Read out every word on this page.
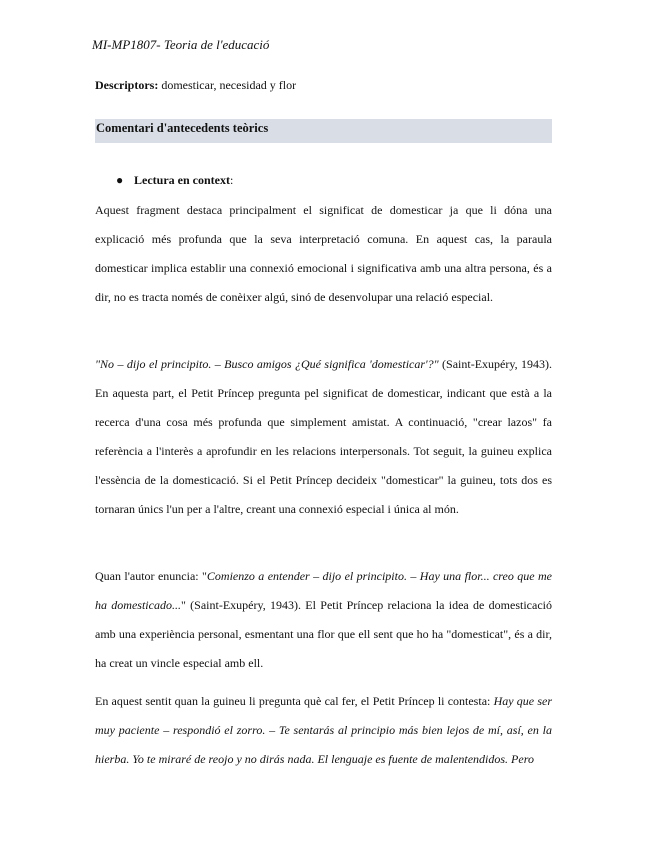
MI-MP1807- Teoria de l'educació
Descriptors: domesticar, necesidad y flor
Comentari d'antecedents teòrics
● Lectura en context:

Aquest fragment destaca principalment el significat de domesticar ja que li dóna una explicació més profunda que la seva interpretació comuna. En aquest cas, la paraula domesticar implica establir una connexió emocional i significativa amb una altra persona, és a dir, no es tracta només de conèixer algú, sinó de desenvolupar una relació especial.

"No – dijo el principito. – Busco amigos ¿Qué significa 'domesticar'?" (Saint-Exupéry, 1943). En aquesta part, el Petit Príncep pregunta pel significat de domesticar, indicant que està a la recerca d'una cosa més profunda que simplement amistat. A continuació, "crear lazos" fa referència a l'interès a aprofundir en les relacions interpersonals. Tot seguit, la guineu explica l'essència de la domesticació. Si el Petit Príncep decideix "domesticar" la guineu, tots dos es tornaran únics l'un per a l'altre, creant una connexió especial i única al món.

Quan l'autor enuncia: "Comienzo a entender – dijo el principito. – Hay una flor... creo que me ha domesticado..." (Saint-Exupéry, 1943). El Petit Príncep relaciona la idea de domesticació amb una experiència personal, esmentant una flor que ell sent que ho ha "domesticat", és a dir, ha creat un vincle especial amb ell.

En aquest sentit quan la guineu li pregunta què cal fer, el Petit Príncep li contesta: Hay que ser muy paciente – respondió el zorro. – Te sentarás al principio más bien lejos de mí, así, en la hierba. Yo te miraré de reojo y no dirás nada. El lenguaje es fuente de malentendidos. Pero
